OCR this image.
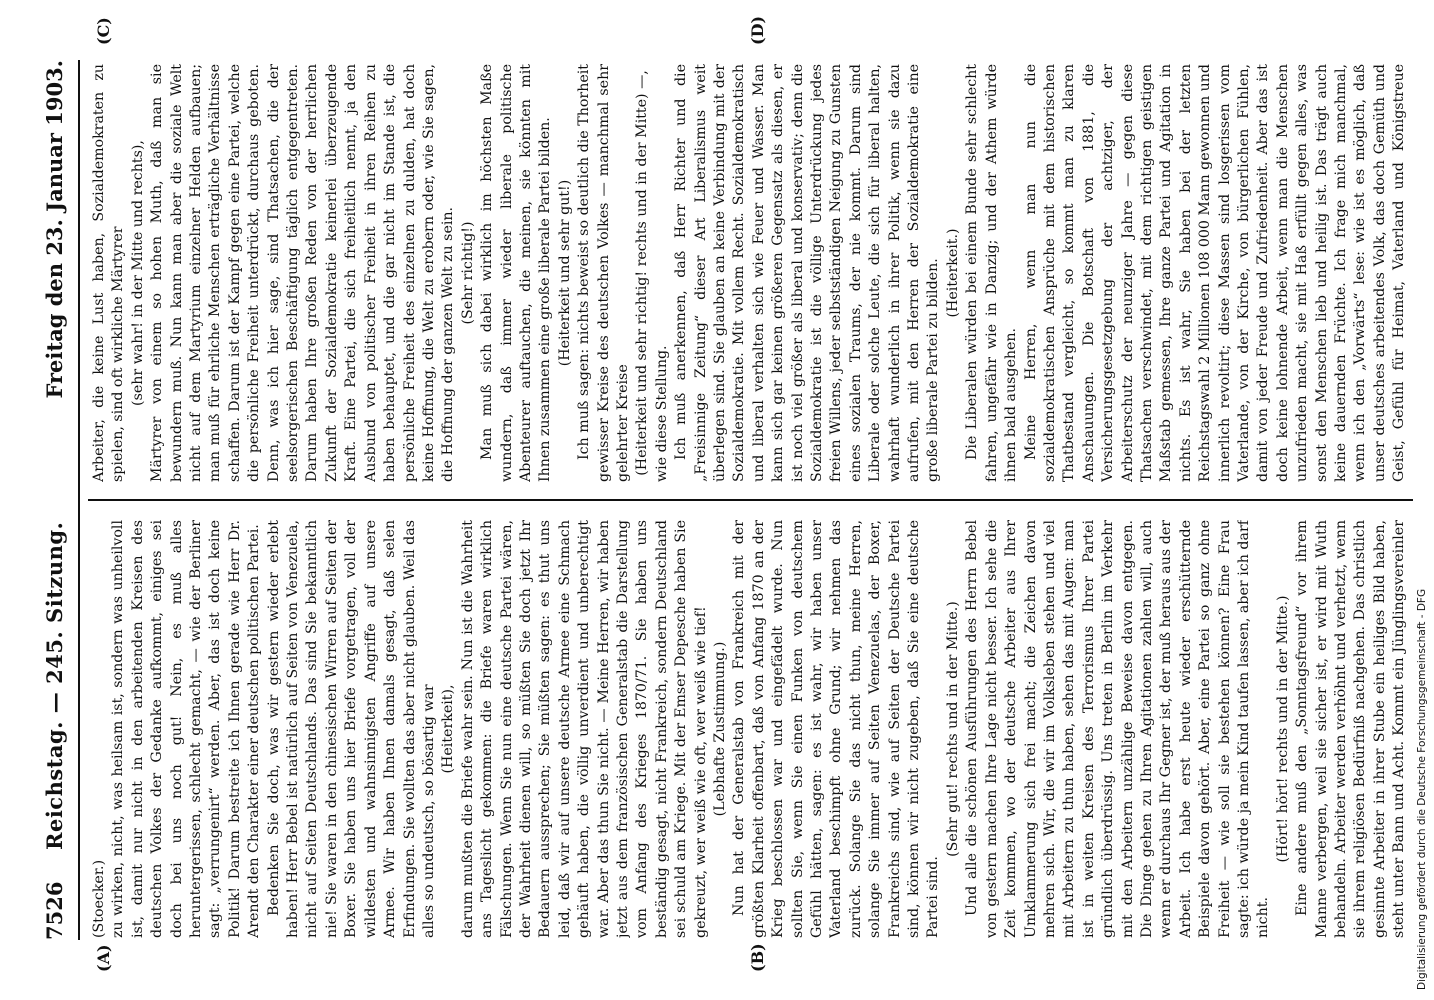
7526
Reichstag. — 245. Sitzung.
Freitag den 23. Januar 1903.
(A)	(B)
(C)	(D)

(Stoecker.) zu wirken, nicht, was heilsam ist, sondern was unheilvoll ist, damit nur nicht in den arbeitenden Kreisen des deutschen Volkes der Gedanke aufkommt, einiges sei doch bei uns noch gut! Nein, es muß alles heruntergerissen, schlecht gemacht, — wie der Berliner sagt: „verrungenirt“ werden. Aber, das ist doch keine Politik! Darum bestreite ich Ihnen gerade wie Herr Dr. Arendt den Charakter einer deutschen politischen Partei. Bedenken Sie doch, was wir gestern wieder erlebt haben! Herr Bebel ist natürlich auf Seiten von Venezuela, nicht auf Seiten Deutschlands. Das sind Sie bekanntlich nie! Sie waren in den chinesischen Wirren auf Seiten der Boxer. Sie haben uns hier Briefe vorgetragen, voll der wildesten und wahnsinnigsten Angriffe auf unsere Armee. Wir haben Ihnen damals gesagt, daß selen Erfindungen. Sie wollten das aber nicht glauben. Weil das alles so undeutsch, so bösartig war (Heiterkeit), darum mußten die Briefe wahr sein. Nun ist die Wahrheit ans Tageslicht gekommen: die Briefe waren wirklich Fälschungen. Wenn Sie nun eine deutsche Partei wären, der Wahrheit dienen will, so müßten Sie doch jetzt Ihr Bedauern aussprechen; Sie müßten sagen: es thut uns leid, daß wir auf unsere deutsche Armee eine Schmach gehäuft haben, die völlig unverdient und unberechtigt war. Aber das thun Sie nicht. — Meine Herren, wir haben jetzt aus dem französischen Generalstab die Darstellung vom Anfang des Krieges 1870/71. Sie haben uns beständig gesagt, nicht Frankreich, sondern Deutschland sei schuld am Kriege. Mit der Emser Depesche haben Sie gekreuzt, wer weiß wie oft, wer weiß wie tief! (Lebhafte Zustimmung.) Nun hat der Generalstab von Frankreich mit der größten Klarheit offenbart, daß von Anfang 1870 an der Krieg beschlossen war und eingefädelt wurde. Nun sollten Sie, wenn Sie einen Funken von deutschem Gefühl hätten, sagen: es ist wahr, wir haben unser Vaterland beschimpft ohne Grund; wir nehmen das zurück. Solange Sie das nicht thun, meine Herren, solange Sie immer auf Seiten Venezuelas, der Boxer, Frankreichs sind, wie auf Seiten der Deutsche Partei sind, können wir nicht zugeben, daß Sie eine deutsche Partei sind.

(Sehr gut! rechts und in der Mitte.) Und alle die schönen Ausführungen des Herrn Bebel von gestern machen Ihre Lage nicht besser. Ich sehe die Zeit kommen, wo der deutsche Arbeiter aus Ihrer Umklammerung sich frei macht; die Zeichen davon mehren sich. Wir, die wir im Volksleben stehen und viel mit Arbeitern zu thun haben, sehen das mit Augen: man ist in weiten Kreisen des Terrorismus Ihrer Partei gründlich überdrüssig. Uns treten in Berlin im Verkehr mit den Arbeitern unzählige Beweise davon entgegen. Die Dinge gehen zu Ihren Agitationen zahlen will, auch wenn er durchaus Ihr Gegner ist, der muß heraus aus der Arbeit. Ich habe erst heute wieder erschütternde Beispiele davon gehört. Aber, eine Partei so ganz ohne Freiheit — wie soll sie bestehen können? Eine Frau sagte: ich würde ja mein Kind taufen lassen, aber ich darf nicht.

(Hört! hört! rechts und in der Mitte.)

Eine andere muß den „Sonntagsfreund“ vor ihrem Manne verbergen, weil sie sicher ist, er wird mit Wuth behandeln. Arbeiter werden verhöhnt und verhetzt, wenn sie ihrem religiösen Bedürfniß nachgehen. Das christlich gesinnte Arbeiter in ihrer Stube ein heiliges Bild haben, steht unter Bann und Acht. Kommt ein Jünglingsvereinler

Arbeiter, die keine Lust haben, Sozialdemokraten zu spielen, sind oft wirkliche Märtyrer (sehr wahr! in der Mitte und rechts), Märtyrer von einem so hohen Muth, daß man sie bewundern muß. Nun kann man aber die soziale Welt nicht auf dem Martyrium einzelner Helden aufbauen; man muß für ehrliche Menschen erträgliche Verhältnisse schaffen. Darum ist der Kampf gegen eine Partei, welche die persönliche Freiheit unterdrückt, durchaus geboten. Denn, was ich hier sage, sind Thatsachen, die der seelsorgerischen Beschäftigung täglich entgegentreten. Darum haben Ihre großen Reden von der herrlichen Zukunft der Sozialdemokratie keinerlei überzeugende Kraft. Eine Partei, die sich freiheitlich nennt, ja den Ausbund von politischer Freiheit in ihren Reihen zu haben behauptet, und die gar nicht im Stande ist, die persönliche Freiheit des einzelnen zu dulden, hat doch keine Hoffnung, die Welt zu erobern oder, wie Sie sagen, die Hoffnung der ganzen Welt zu sein. (Sehr richtig!) Man muß sich dabei wirklich im höchsten Maße wundern, daß immer wieder liberale politische Abenteurer auftauchen, die meinen, sie könnten mit Ihnen zusammen eine große liberale Partei bilden. (Heiterkeit und sehr gut!) Ich muß sagen: nichts beweist so deutlich die Thorheit gewisser Kreise des deutschen Volkes — manchmal sehr gelehrter Kreise (Heiterkeit und sehr richtig! rechts und in der Mitte) —, wie diese Stellung. Ich muß anerkennen, daß Herr Richter und die „Freisinnige Zeitung“ dieser Art Liberalismus weit überlegen sind. Sie glauben an keine Verbindung mit der Sozialdemokratie. Mit vollem Recht. Sozialdemokratisch und liberal verhalten sich wie Feuer und Wasser. Man kann sich gar keinen größeren Gegensatz als diesen, er ist noch viel größer als liberal und konservativ; denn die Sozialdemokratie ist die völlige Unterdrückung jedes freien Willens, jeder selbstständigen Neigung zu Gunsten eines sozialen Traums, der nie kommt. Darum sind Liberale oder solche Leute, die sich für liberal halten, wahrhaft wunderlich in ihrer Politik, wenn sie dazu aufrufen, mit den Herren der Sozialdemokratie eine große liberale Partei zu bilden. (Heiterkeit.) Die Liberalen würden bei einem Bunde sehr schlecht fahren, ungefähr wie in Danzig; und der Athem würde ihnen bald ausgehen. Meine Herren, wenn man nun die sozialdemokratischen Ansprüche mit dem historischen Thatbestand vergleicht, so kommt man zu klaren Anschauungen. Die Botschaft von 1881, die Versicherungsgesetzgebung der achtziger, der Arbeiterschutz der neunziger Jahre — gegen diese Thatsachen verschwindet, mit dem richtigen geistigen Maßstab gemessen, Ihre ganze Partei und Agitation in nichts. Es ist wahr, Sie haben bei der letzten Reichstagswahl 2 Millionen 108 000 Mann gewonnen und innerlich revoltirt; diese Massen sind losgerissen vom Vaterlande, von der Kirche, von bürgerlichen Fühlen, damit von jeder Freude und Zufriedenheit. Aber das ist doch keine lohnende Arbeit, wenn man die Menschen unzufrieden macht, sie mit Haß erfüllt gegen alles, was sonst den Menschen lieb und heilig ist. Das trägt auch keine dauernden Früchte. Ich frage mich manchmal, wenn ich den „Vorwärts“ lese: wie ist es möglich, daß unser deutsches arbeitendes Volk, das doch Gemüth und Geist, Gefühl für Heimat, Vaterland und Königstreue

Digitalisierung gefördert durch die Deutsche Forschungsgemeinschaft - DFG
